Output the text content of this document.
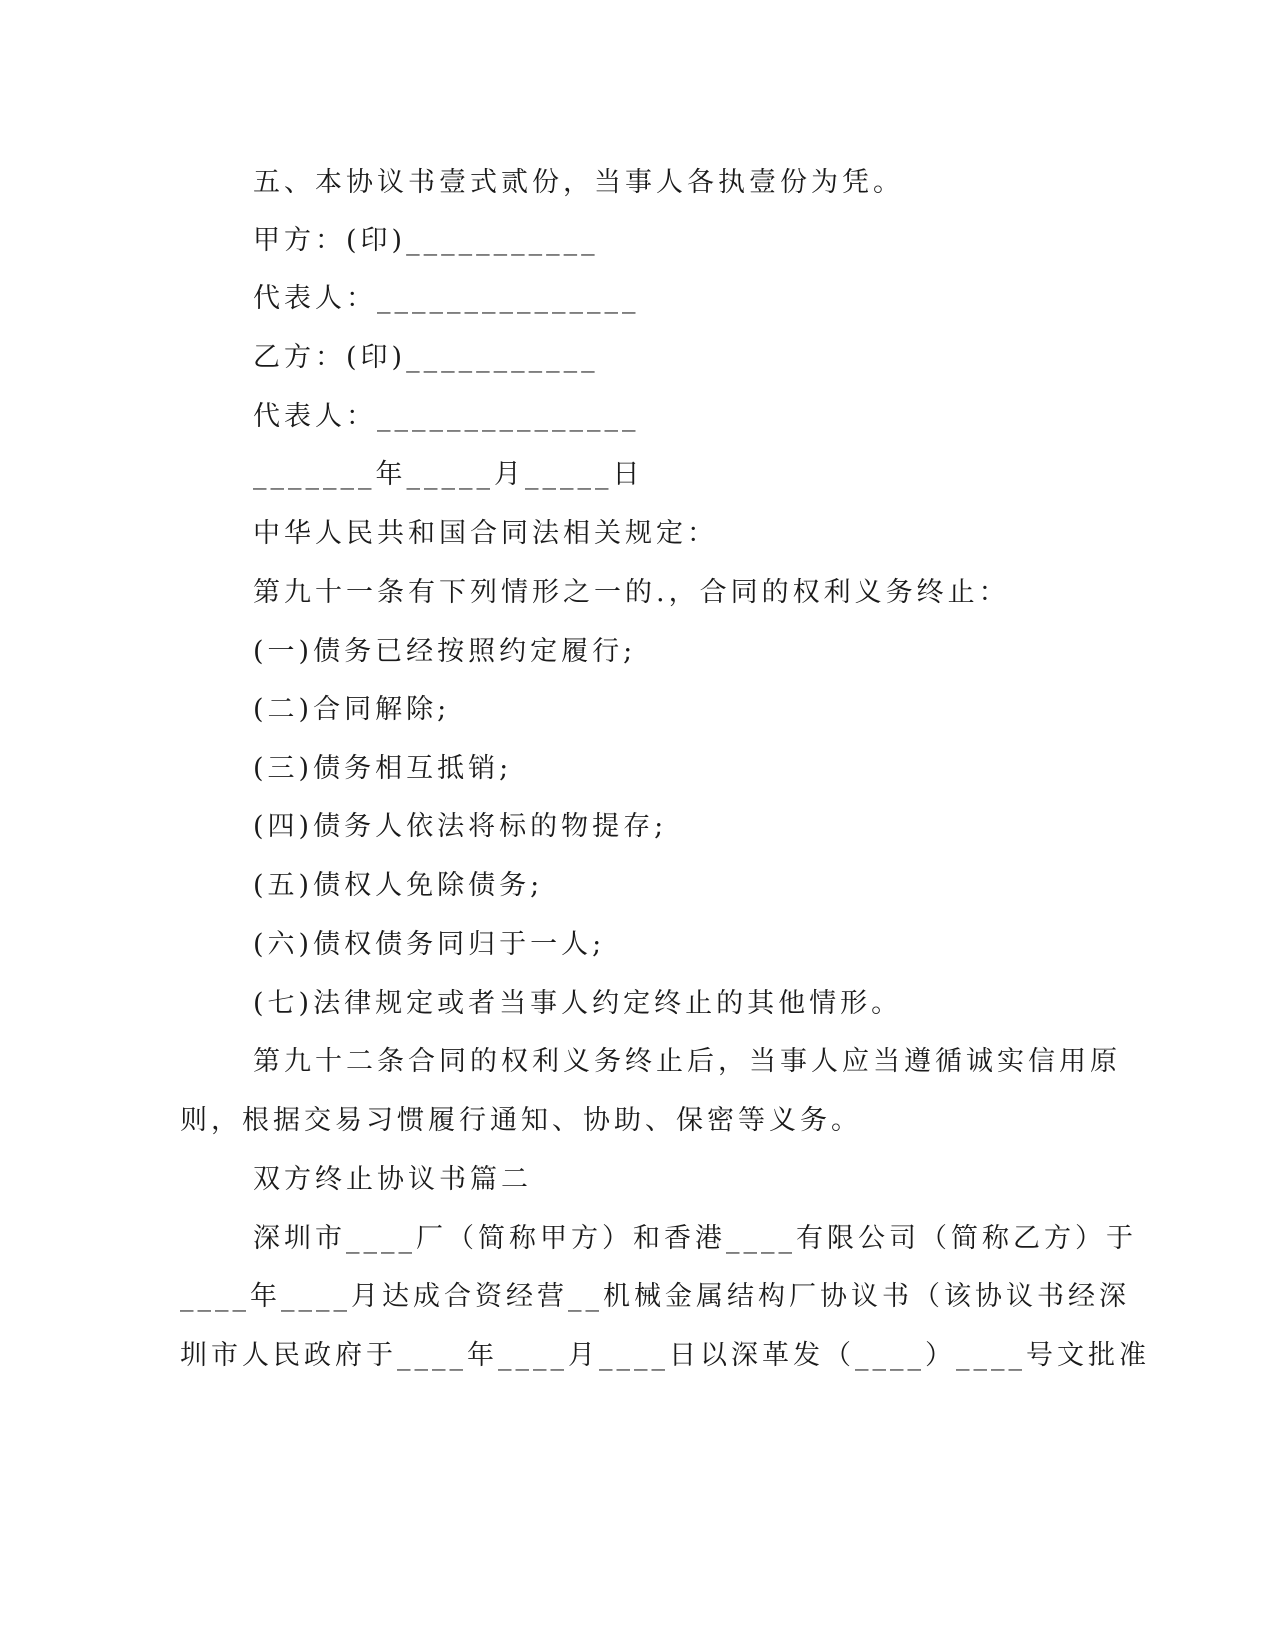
五、本协议书壹式贰份，当事人各执壹份为凭。
甲方：(印)___________
代表人：_______________
乙方：(印)___________
代表人：_______________
_______年_____月_____日
中华人民共和国合同法相关规定：
第九十一条有下列情形之一的.，合同的权利义务终止：
(一)债务已经按照约定履行;
(二)合同解除;
(三)债务相互抵销;
(四)债务人依法将标的物提存;
(五)债权人免除债务;
(六)债权债务同归于一人;
(七)法律规定或者当事人约定终止的其他情形。
第九十二条合同的权利义务终止后，当事人应当遵循诚实信用原
则，根据交易习惯履行通知、协助、保密等义务。
双方终止协议书篇二
深圳市____厂（简称甲方）和香港____有限公司（简称乙方）于
____年____月达成合资经营__机械金属结构厂协议书（该协议书经深
圳市人民政府于____年____月____日以深革发（____）____号文批准
